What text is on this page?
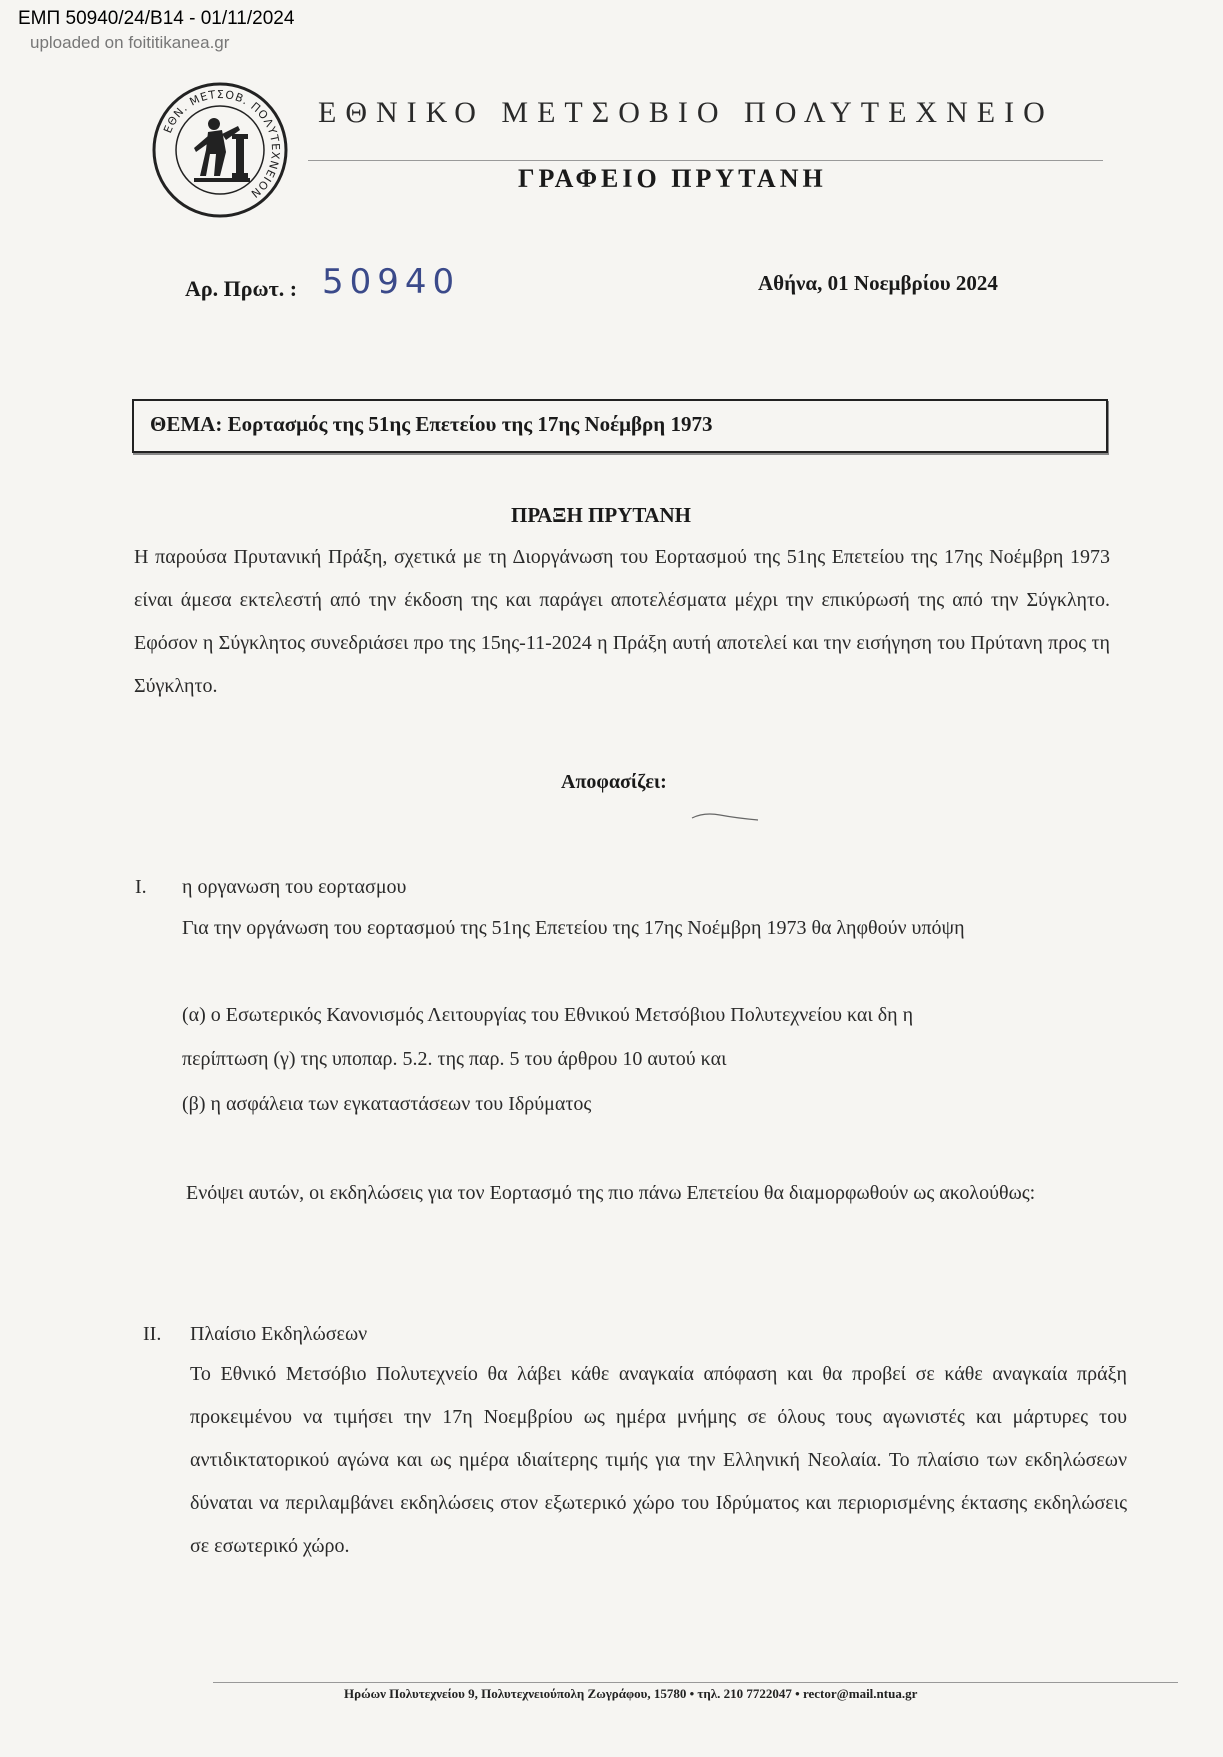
ΕΜΠ 50940/24/Β14 - 01/11/2024
uploaded on foititikanea.gr
ΕΘΝ. ΜΕΤΣΟΒ. ΠΟΛΥΤΕΧΝΕΙΟΝ
ΕΘΝΙΚΟ ΜΕΤΣΟΒΙΟ ΠΟΛΥΤΕΧΝΕΙΟ
ΓΡΑΦΕΙΟ ΠΡΥΤΑΝΗ
Αρ. Πρωτ. : 50940	Αθήνα, 01 Νοεμβρίου 2024
ΘΕΜΑ: Εορτασμός της 51ης Επετείου της 17ης Νοέμβρη 1973
ΠΡΑΞΗ ΠΡΥΤΑΝΗ
Η παρούσα Πρυτανική Πράξη, σχετικά με τη Διοργάνωση του Εορτασμού της 51ης Επετείου της 17ης Νοέμβρη 1973 είναι άμεσα εκτελεστή από την έκδοση της και παράγει αποτελέσματα μέχρι την επικύρωσή της από την Σύγκλητο. Εφόσον η Σύγκλητος συνεδριάσει προ της 15ης-11-2024 η Πράξη αυτή αποτελεί και την εισήγηση του Πρύτανη προς τη Σύγκλητο.
Αποφασίζει:
I. η οργανωση του εορτασμου
Για την οργάνωση του εορτασμού της 51ης Επετείου της 17ης Νοέμβρη 1973 θα ληφθούν υπόψη
(α) ο Εσωτερικός Κανονισμός Λειτουργίας του Εθνικού Μετσόβιου Πολυτεχνείου και δη η
περίπτωση (γ) της υποπαρ. 5.2. της παρ. 5 του άρθρου 10 αυτού και
(β) η ασφάλεια των εγκαταστάσεων του Ιδρύματος
Ενόψει αυτών, οι εκδηλώσεις για τον Εορτασμό της πιο πάνω Επετείου θα διαμορφωθούν ως ακολούθως:
II. Πλαίσιο Εκδηλώσεων
Το Εθνικό Μετσόβιο Πολυτεχνείο θα λάβει κάθε αναγκαία απόφαση και θα προβεί σε κάθε αναγκαία πράξη προκειμένου να τιμήσει την 17η Νοεμβρίου ως ημέρα μνήμης σε όλους τους αγωνιστές και μάρτυρες του αντιδικτατορικού αγώνα και ως ημέρα ιδιαίτερης τιμής για την Ελληνική Νεολαία. Το πλαίσιο των εκδηλώσεων δύναται να περιλαμβάνει εκδηλώσεις στον εξωτερικό χώρο του Ιδρύματος και περιορισμένης έκτασης εκδηλώσεις σε εσωτερικό χώρο.
Ηρώων Πολυτεχνείου 9, Πολυτεχνειούπολη Ζωγράφου, 15780 • τηλ. 210 7722047 • rector@mail.ntua.gr
